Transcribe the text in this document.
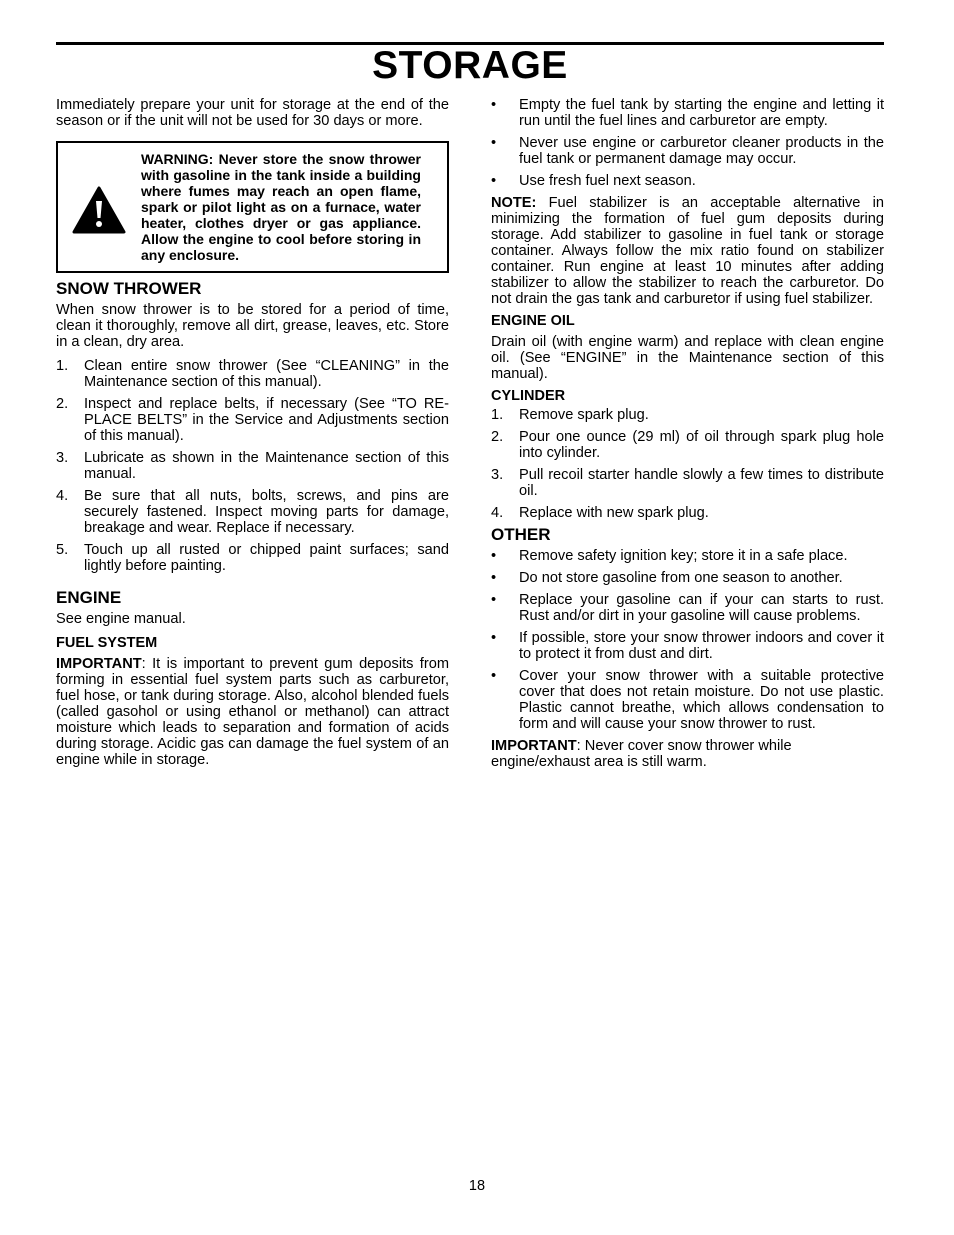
STORAGE

Immediately prepare your unit for storage at the end of the season or if the unit will not be used for 30 days or more.

WARNING: Never store the snow thrower with gasoline in the tank inside a building where fumes may reach an open flame, spark or pilot light as on a furnace, water heater, clothes dryer or gas appliance. Allow the engine to cool before storing in any enclosure.
SNOW THROWER

When snow thrower is to be stored for a period of time, clean it thoroughly, remove all dirt, grease, leaves, etc. Store in a clean, dry area.

1. Clean entire snow thrower (See “CLEANING” in the Maintenance section of this manual).
2. Inspect and replace belts, if necessary (See “TO RE-PLACE BELTS” in the Service and Adjustments section of this manual).
3. Lubricate as shown in the Maintenance section of this manual.
4. Be sure that all nuts, bolts, screws, and pins are securely fastened. Inspect moving parts for damage, breakage and wear. Replace if necessary.
5. Touch up all rusted or chipped paint surfaces; sand lightly before painting.
ENGINE

See engine manual.

FUEL SYSTEM

IMPORTANT: It is important to prevent gum deposits from forming in essential fuel system parts such as carburetor, fuel hose, or tank during storage. Also, alcohol blended fuels (called gasohol or using ethanol or methanol) can attract moisture which leads to separation and formation of acids during storage. Acidic gas can damage the fuel system of an engine while in storage.

• Empty the fuel tank by starting the engine and letting it run until the fuel lines and carburetor are empty.
• Never use engine or carburetor cleaner products in the fuel tank or permanent damage may occur.
• Use fresh fuel next season.

NOTE: Fuel stabilizer is an acceptable alternative in minimizing the formation of fuel gum deposits during storage. Add stabilizer to gasoline in fuel tank or storage container. Always follow the mix ratio found on stabilizer container. Run engine at least 10 minutes after adding stabilizer to allow the stabilizer to reach the carburetor. Do not drain the gas tank and carburetor if using fuel stabilizer.

ENGINE OIL

Drain oil (with engine warm) and replace with clean engine oil. (See “ENGINE” in the Maintenance section of this manual).

CYLINDER
1. Remove spark plug.
2. Pour one ounce (29 ml) of oil through spark plug hole into cylinder.
3. Pull recoil starter handle slowly a few times to distribute oil.
4. Replace with new spark plug.
OTHER
• Remove safety ignition key; store it in a safe place.
• Do not store gasoline from one season to another.
• Replace your gasoline can if your can starts to rust. Rust and/or dirt in your gasoline will cause problems.
• If possible, store your snow thrower indoors and cover it to protect it from dust and dirt.
• Cover your snow thrower with a suitable protective cover that does not retain moisture. Do not use plastic. Plastic cannot breathe, which allows condensation to form and will cause your snow thrower to rust.

IMPORTANT: Never cover snow thrower while engine/exhaust area is still warm.

18
